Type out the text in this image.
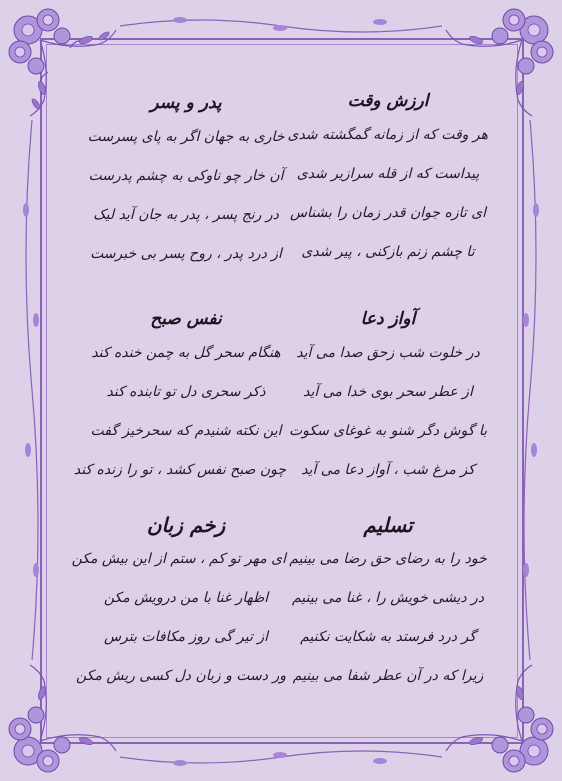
ارزش وقت
هر وقت که از زمانه گمگشته شدی
پیداست که از قله سرازیر شدی
ای تازه جوان قدر زمان را بشناس
تا چشم زنم بازکنی ، پیر شدی
آواز دعا
در خلوت شب زحق صدا می آید
از عطر سحر بوی خدا می آید
با گوش دگر شنو به غوغای سکوت
کز مرغ شب ، آواز دعا می آید
تسلیم
خود را به رضای حق رضا می بینیم
در دیشی خویش را ، غنا می بینیم
گر درد فرستد به شکایت نکنیم
زیرا که در آن عطر شفا می بینیم
پدر و پسر
خاری به جهان اگر به پای پسرست
آن خار چو ناوکی به چشم پدرست
در رنج پسر ، پدر به جان آید لیک
از درد پدر ، روح پسر بی خبرست
نفس صبح
هنگام سحر گل به چمن خنده کند
ذکر سحری دل تو تابنده کند
این نکته شنیدم که سحرخیز گفت
چون صبح نفس کشد ، تو را زنده کند
زخم زبان
ای مهر تو کم ، ستم از این بیش مکن
اظهار غنا با من درویش مکن
از تیر گی روز مکافات بترس
ور دست و زبان دل کسی ریش مکن
